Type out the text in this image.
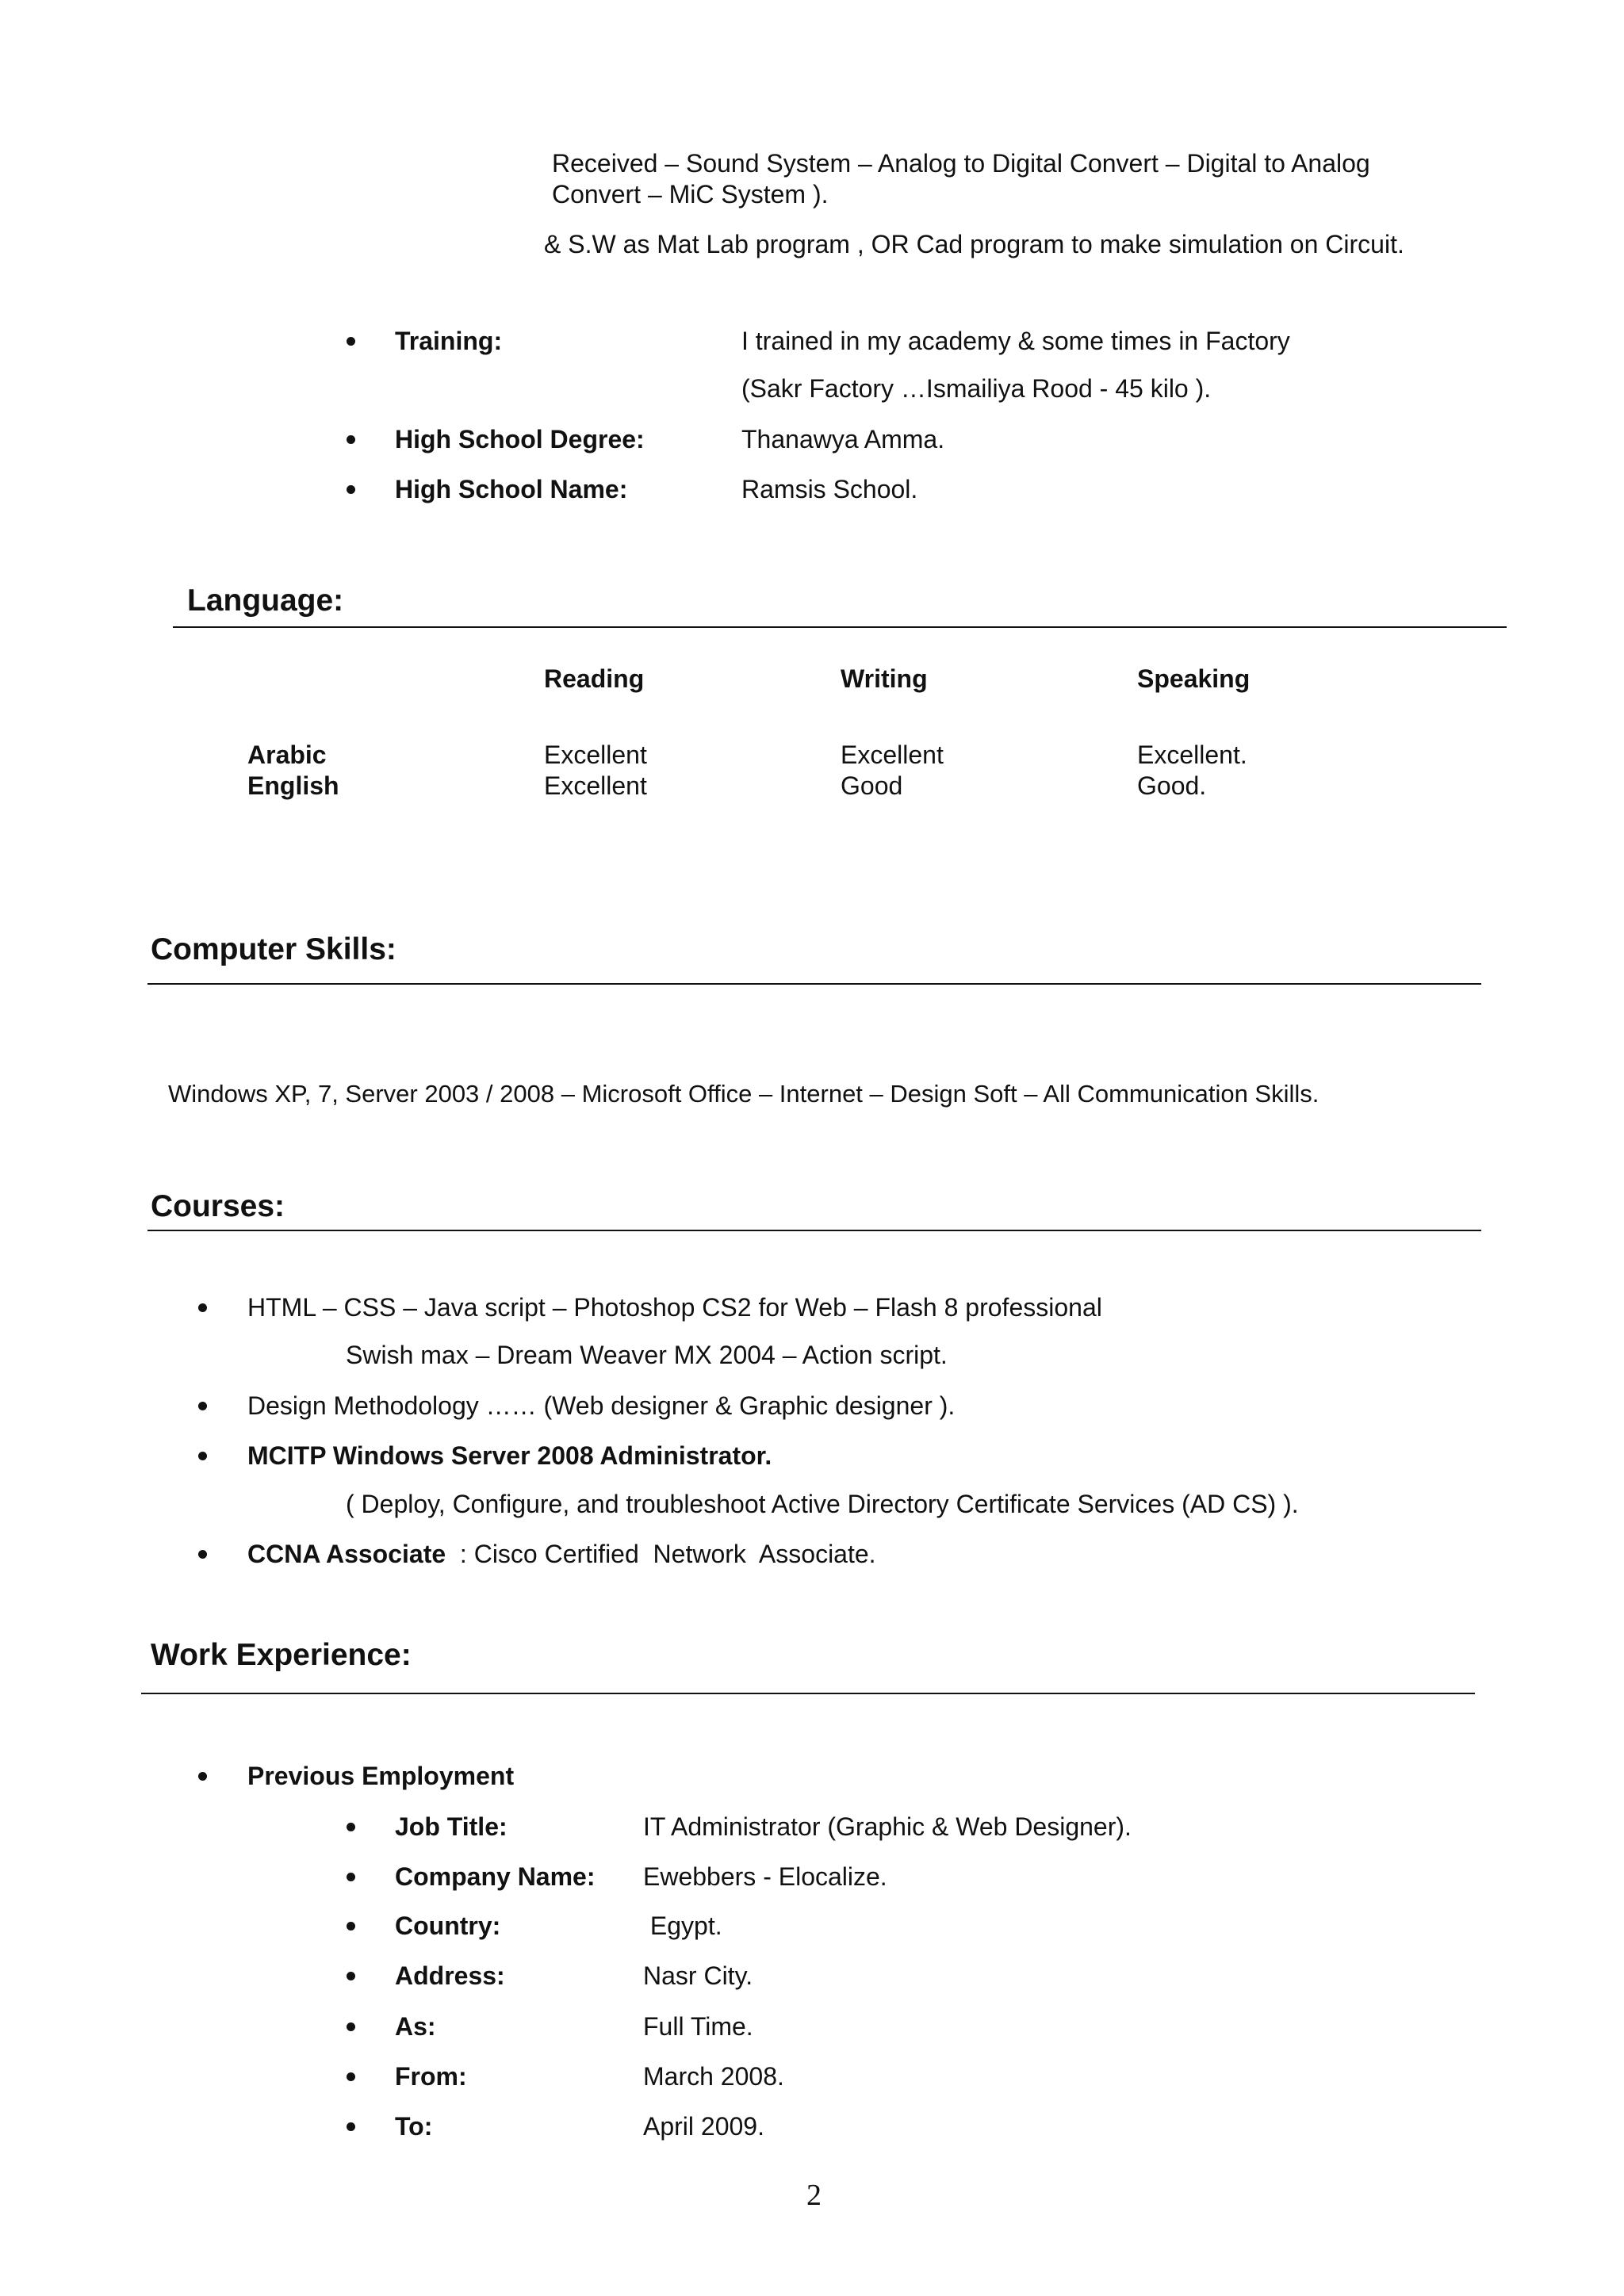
Received – Sound System – Analog to Digital Convert – Digital to Analog
Convert – MiC System ).
& S.W as Mat Lab program , OR Cad program to make simulation on Circuit.
Training:	I trained in my academy & some times in Factory
(Sakr Factory …Ismailiya Rood - 45 kilo ).
High School Degree:	Thanawya Amma.
High School Name:	Ramsis School.
Language:
Reading	Writing	Speaking
Arabic	Excellent	Excellent	Excellent.
English	Excellent	Good	Good.
Computer Skills:
Windows XP, 7, Server 2003 / 2008 – Microsoft Office – Internet – Design Soft – All Communication Skills.
Courses:
HTML – CSS – Java script – Photoshop CS2 for Web – Flash 8 professional
Swish max – Dream Weaver MX 2004 – Action script.
Design Methodology …… (Web designer & Graphic designer ).
MCITP Windows Server 2008 Administrator.
( Deploy, Configure, and troubleshoot Active Directory Certificate Services (AD CS) ).
CCNA Associate  : Cisco Certified  Network  Associate.
Work Experience:
Previous Employment
Job Title:	IT Administrator (Graphic & Web Designer).
Company Name: Ewebbers - Elocalize.
Country:	Egypt.
Address:	Nasr City.
As:	Full Time.
From:	March 2008.
To:	April 2009.
2
